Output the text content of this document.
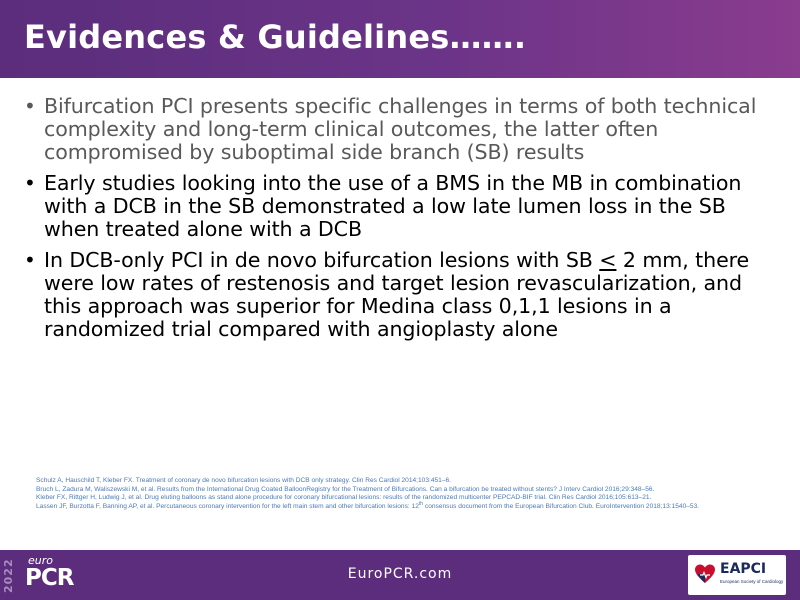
Evidences & Guidelines…….
• Bifurcation PCI presents specific challenges in terms of both technical complexity and long-term clinical outcomes, the latter often compromised by suboptimal side branch (SB) results
• Early studies looking into the use of a BMS in the MB in combination with a DCB in the SB demonstrated a low late lumen loss in the SB when treated alone with a DCB
• In DCB-only PCI in de novo bifurcation lesions with SB ≤ 2 mm, there were low rates of restenosis and target lesion revascularization, and this approach was superior for Medina class 0,1,1 lesions in a randomized trial compared with angioplasty alone
Schulz A, Hauschild T, Kleber FX. Treatment of coronary de novo bifurcation lesions with DCB only strategy. Clin Res Cardiol 2014;103:451–6.
Bruch L, Zadura M, Waliszewski M, et al. Results from the International Drug Coated BalloonRegistry for the Treatment of Bifurcations. Can a bifurcation be treated without stents? J Interv Cardiol 2016;29:348–56.
Kleber FX, Rittger H, Ludwig J, et al. Drug eluting balloons as stand alone procedure for coronary bifurcational lesions: results of the randomized multicenter PEPCAD-BIF trial. Clin Res Cardiol 2016;105:613–21.
Lassen JF, Burzotta F, Banning AP, et al. Percutaneous coronary intervention for the left main stem and other bifurcation lesions: 12th consensus document from the European Bifurcation Club. EuroIntervention 2018;13:1540–53.
2022 euro
PCR	EuroPCR.com	EAPCI
European Society of Cardiology
